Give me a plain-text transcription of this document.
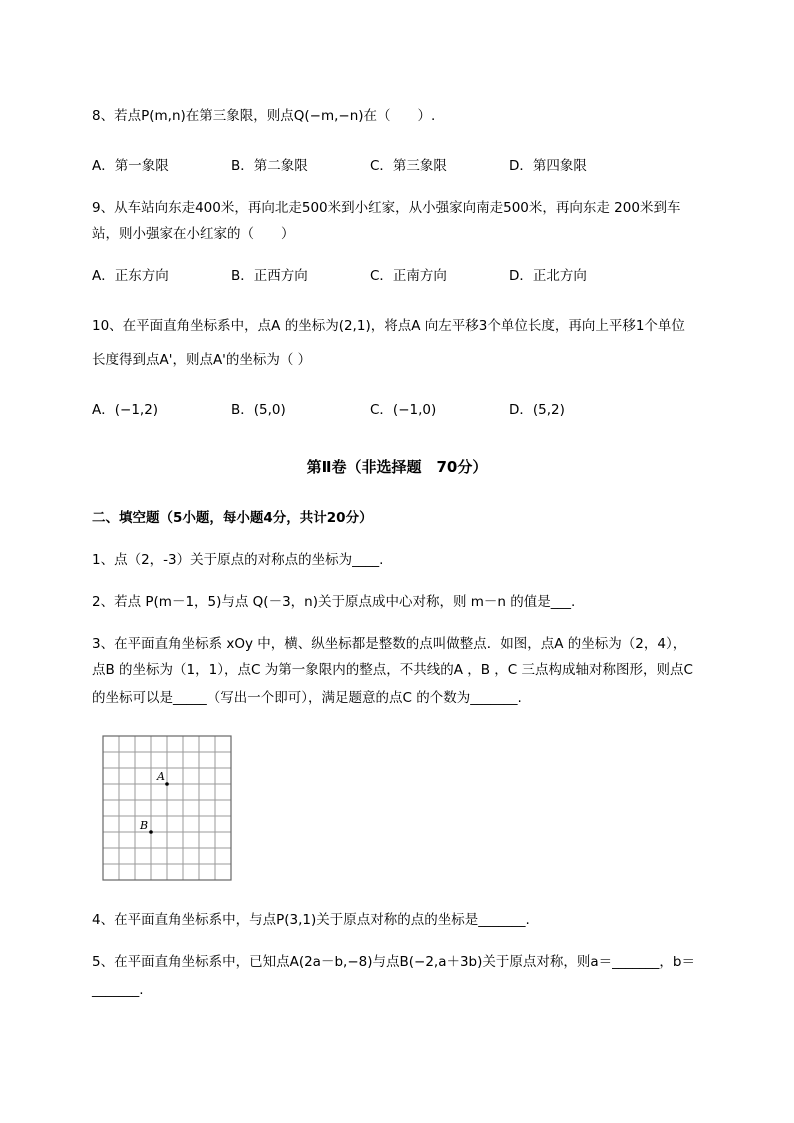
8、若点P(m,n)在第三象限，则点Q(−m,−n)在（　　）.
A．第一象限	B．第二象限	C．第三象限	D．第四象限
9、从车站向东走400米，再向北走500米到小红家，从小强家向南走500米，再向东走 200米到车
站，则小强家在小红家的（　　）
A．正东方向	B．正西方向	C．正南方向	D．正北方向
10、在平面直角坐标系中，点A 的坐标为(2,1)，将点A 向左平移3个单位长度，再向上平移1个单位
长度得到点A'，则点A'的坐标为（ ）
A．(−1,2)	B．(5,0)	C．(−1,0)	D．(5,2)
第Ⅱ卷（非选择题　70分）
二、填空题（5小题，每小题4分，共计20分）
1、点（2，-3）关于原点的对称点的坐标为____.
2、若点 P(m－1，5)与点 Q(－3，n)关于原点成中心对称，则 m－n 的值是___.
3、在平面直角坐标系 xOy 中，横、纵坐标都是整数的点叫做整点．如图，点A 的坐标为（2，4），
点B 的坐标为（1，1），点C 为第一象限内的整点，不共线的A ，B ，C 三点构成轴对称图形，则点C
的坐标可以是_____（写出一个即可），满足题意的点C 的个数为_______.
A
B
4、在平面直角坐标系中，与点P(3,1)关于原点对称的点的坐标是_______.
5、在平面直角坐标系中，已知点A(2a－b,−8)与点B(−2,a＋3b)关于原点对称，则a＝_______，b＝
_______.
